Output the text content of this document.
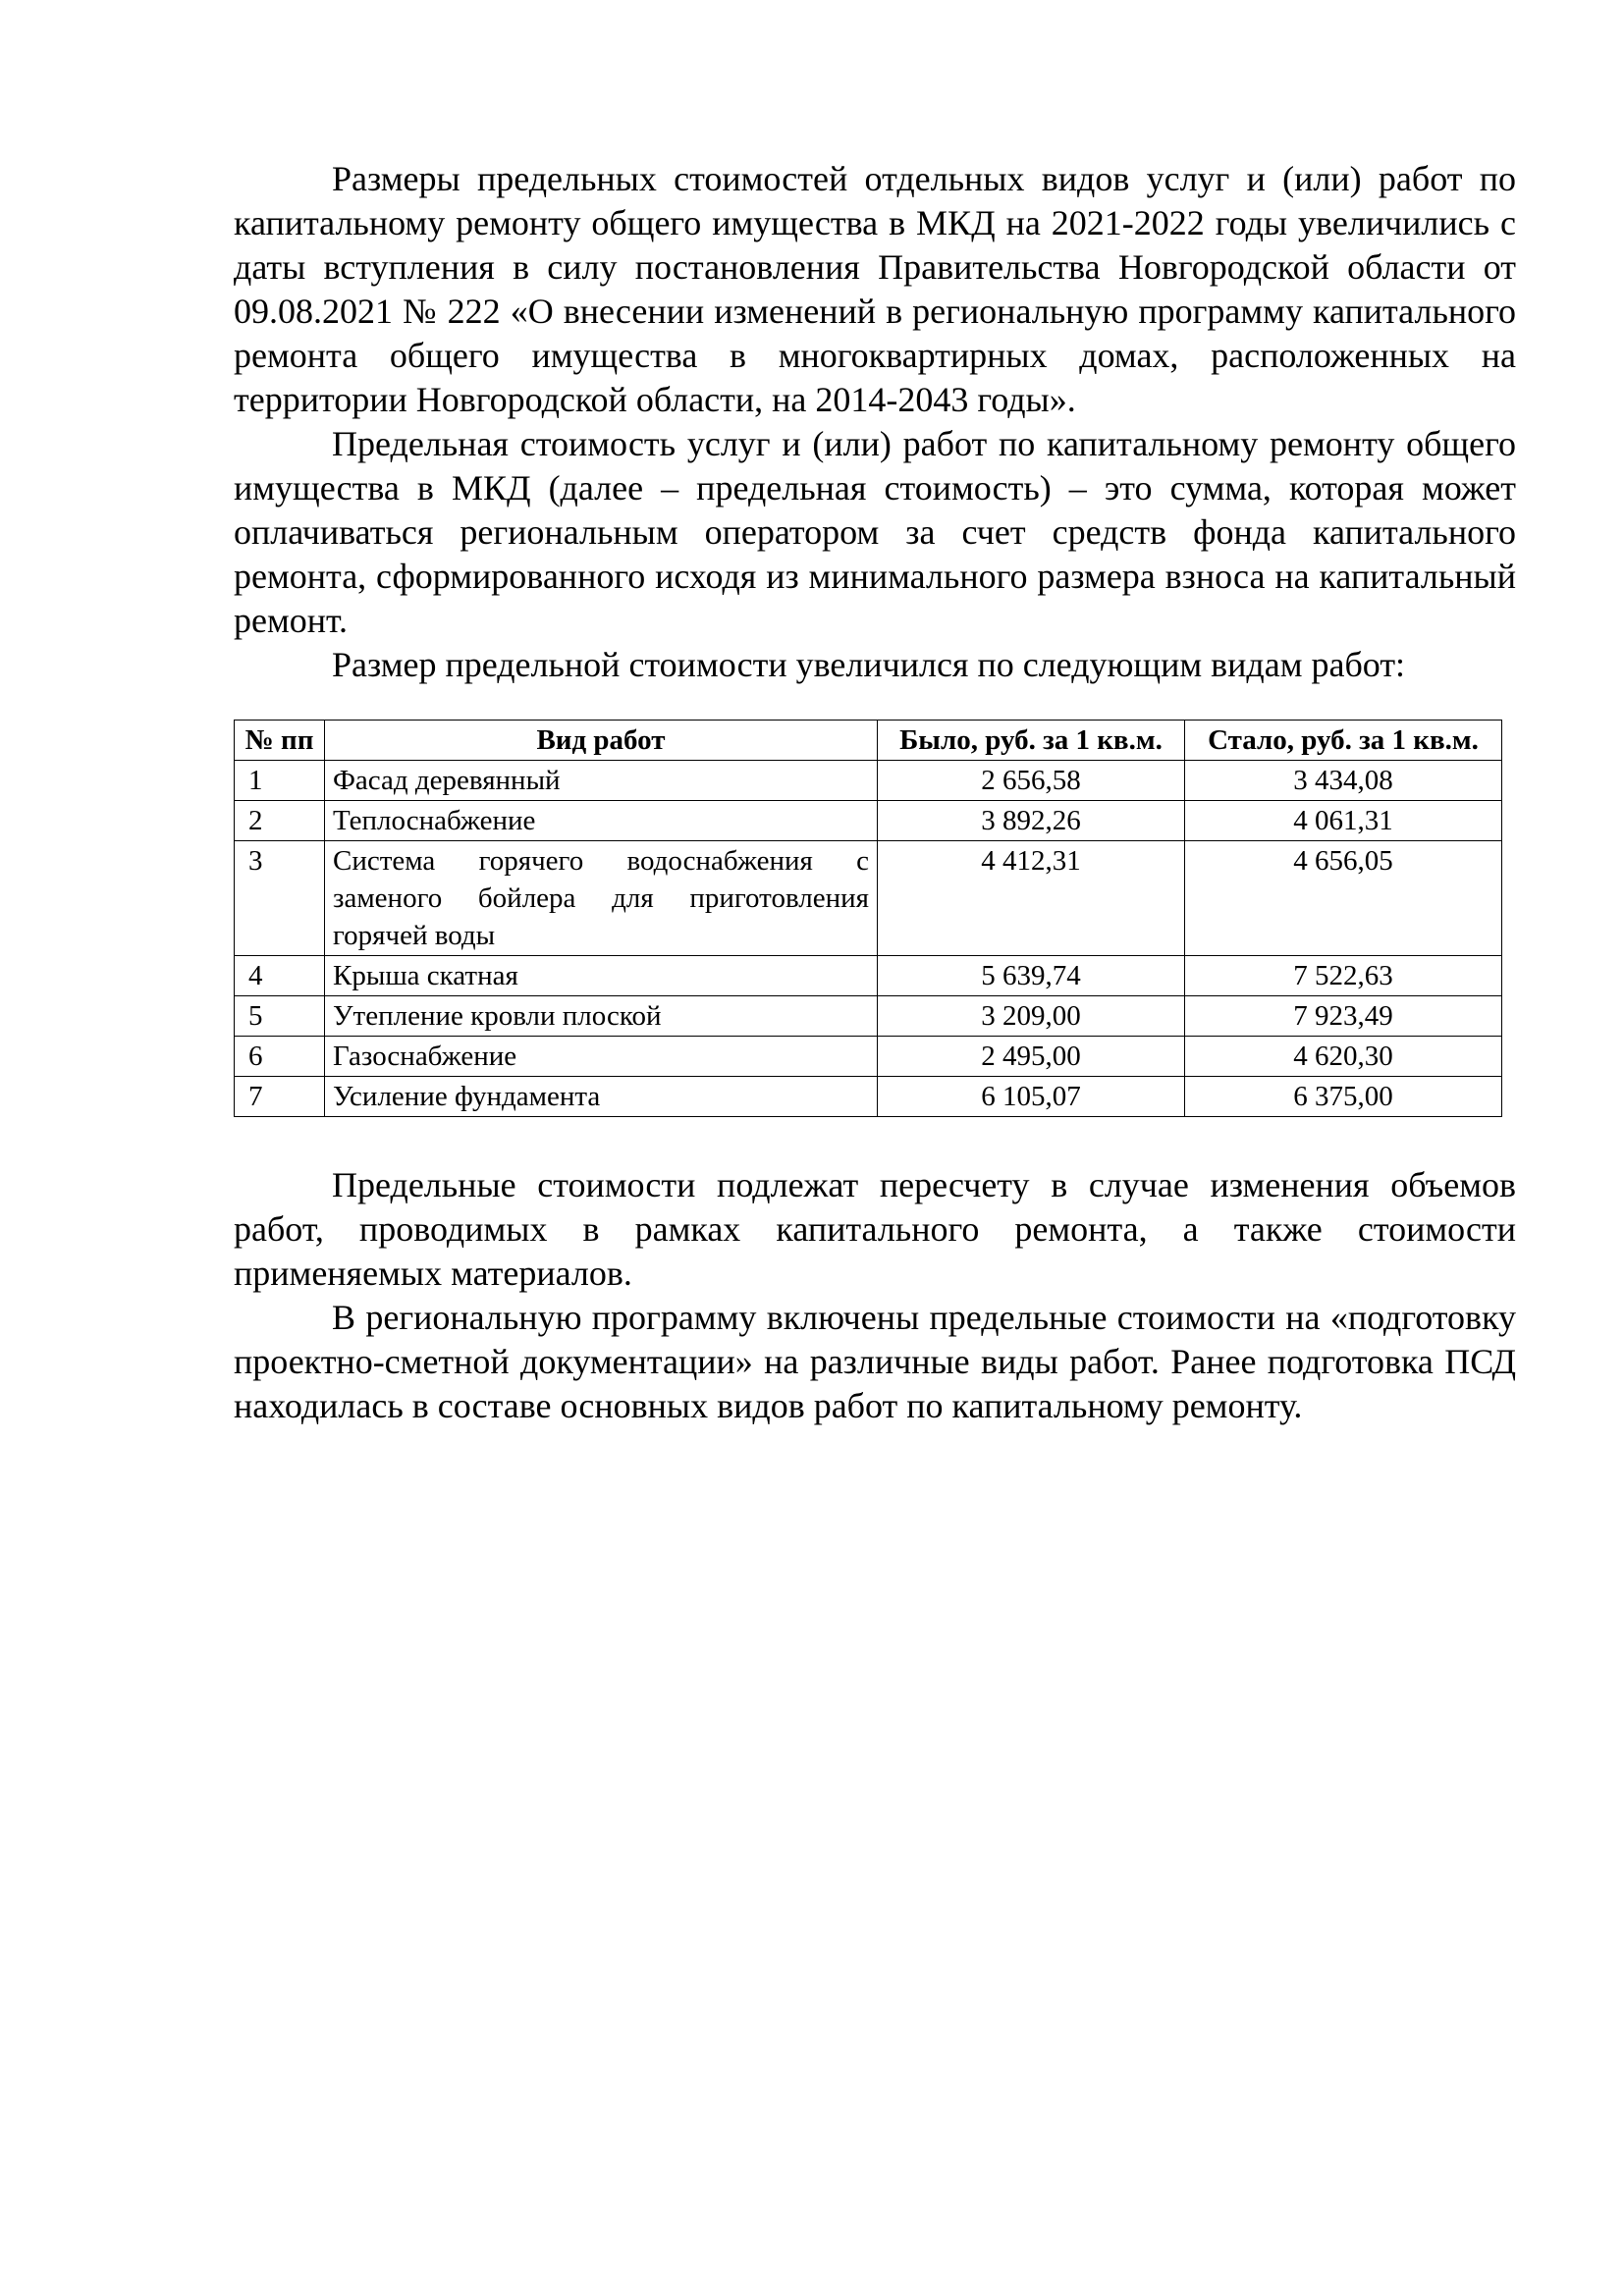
Размеры предельных стоимостей отдельных видов услуг и (или) работ по капитальному ремонту общего имущества в МКД на 2021-2022 годы увеличились с даты вступления в силу постановления Правительства Новгородской области от 09.08.2021 № 222 «О внесении изменений в региональную программу капитального ремонта общего имущества в многоквартирных домах, расположенных на территории Новгородской области, на 2014-2043 годы».

Предельная стоимость услуг и (или) работ по капитальному ремонту общего имущества в МКД (далее – предельная стоимость) – это сумма, которая может оплачиваться региональным оператором за счет средств фонда капитального ремонта, сформированного исходя из минимального размера взноса на капитальный ремонт.

Размер предельной стоимости увеличился по следующим видам работ:

№ пп	Вид работ	Было, руб. за 1 кв.м.	Стало, руб. за 1 кв.м.
1	Фасад деревянный	2 656,58	3 434,08
2	Теплоснабжение	3 892,26	4 061,31
3	Система горячего водоснабжения с заменого бойлера для приготовления горячей воды	4 412,31	4 656,05
4	Крыша скатная	5 639,74	7 522,63
5	Утепление кровли плоской	3 209,00	7 923,49
6	Газоснабжение	2 495,00	4 620,30
7	Усиление фундамента	6 105,07	6 375,00

Предельные стоимости подлежат пересчету в случае изменения объемов работ, проводимых в рамках капитального ремонта, а также стоимости применяемых материалов.

В региональную программу включены предельные стоимости на «подготовку проектно-сметной документации» на различные виды работ. Ранее подготовка ПСД находилась в составе основных видов работ по капитальному ремонту.
